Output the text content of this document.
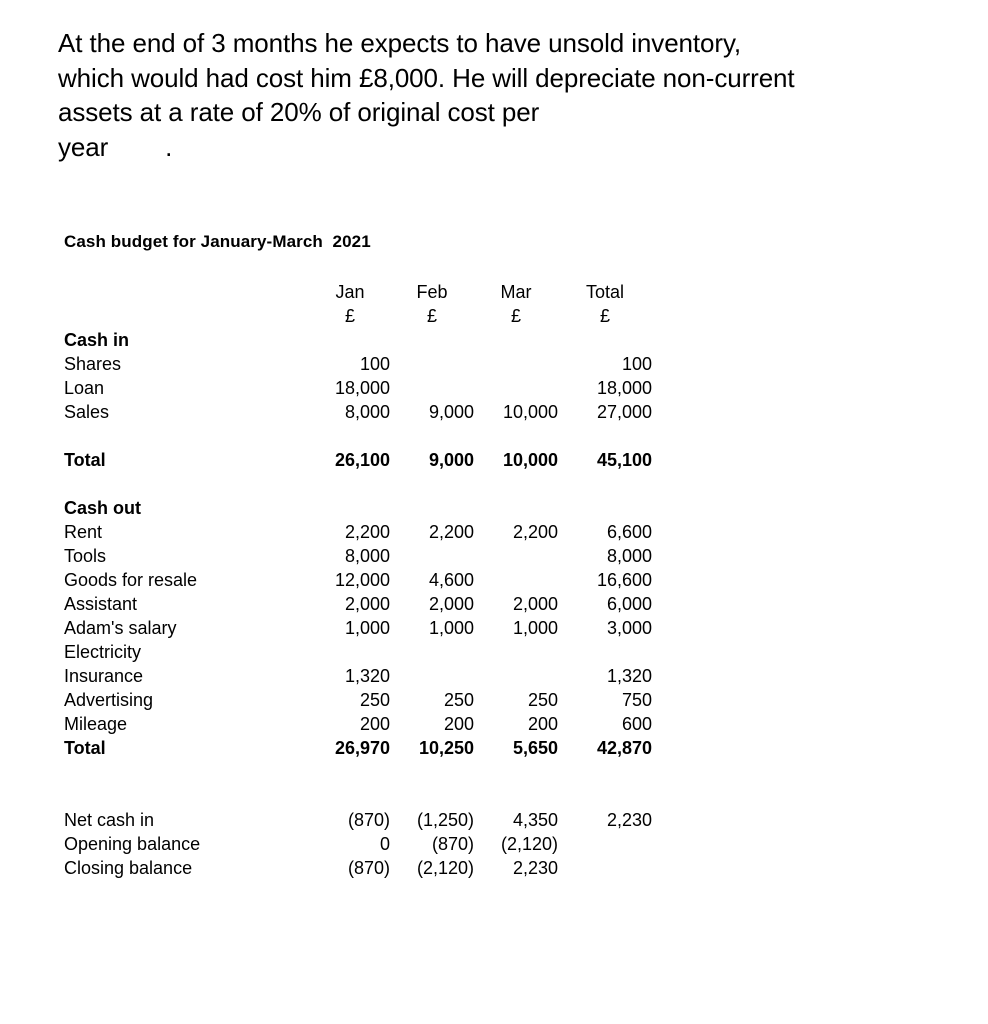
At the end of 3 months he expects to have unsold inventory,
which would had cost him £8,000. He will depreciate non-current
assets at a rate of 20% of original cost per
year        .
Cash budget for January-March  2021
	Jan	Feb	Mar	Total
	£	£	£	£
Cash in				
Shares	100			100
Loan	18,000			18,000
Sales	8,000	9,000	10,000	27,000

Total	26,100	9,000	10,000	45,100

Cash out				
Rent	2,200	2,200	2,200	6,600
Tools	8,000			8,000
Goods for resale	12,000	4,600		16,600
Assistant	2,000	2,000	2,000	6,000
Adam's salary	1,000	1,000	1,000	3,000
Electricity				
Insurance	1,320			1,320
Advertising	250	250	250	750
Mileage	200	200	200	600
Total	26,970	10,250	5,650	42,870

Net cash in	(870)	(1,250)	4,350	2,230
Opening balance	0	(870)	(2,120)	
Closing balance	(870)	(2,120)	2,230	
